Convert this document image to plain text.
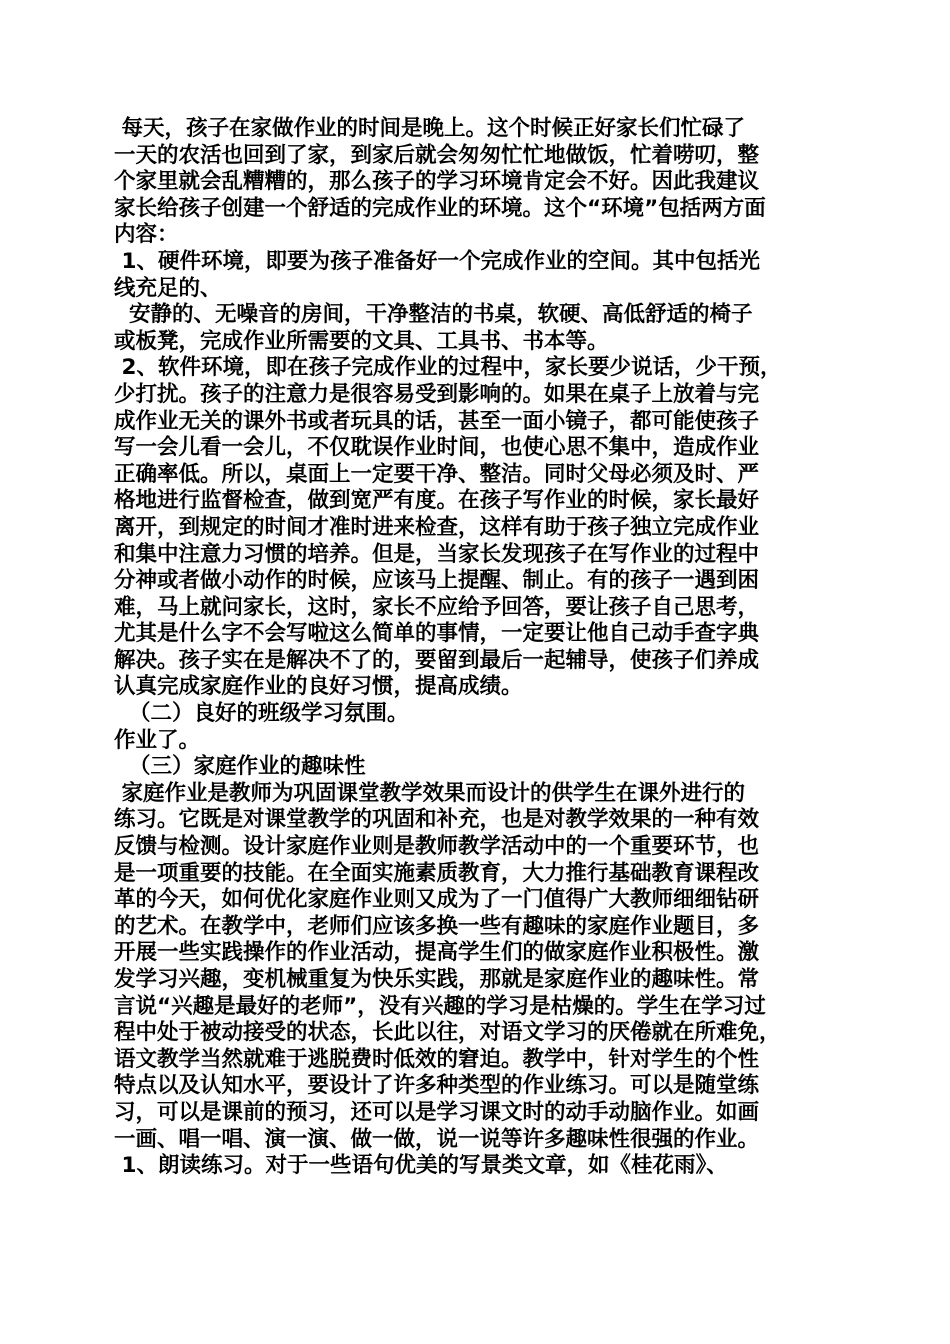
每天，孩子在家做作业的时间是晚上。这个时候正好家长们忙碌了
一天的农活也回到了家，到家后就会匆匆忙忙地做饭，忙着唠叨，整
个家里就会乱糟糟的，那么孩子的学习环境肯定会不好。因此我建议
家长给孩子创建一个舒适的完成作业的环境。这个“环境”包括两方面
内容：
1、硬件环境，即要为孩子准备好一个完成作业的空间。其中包括光
线充足的、
安静的、无噪音的房间，干净整洁的书桌，软硬、高低舒适的椅子
或板凳，完成作业所需要的文具、工具书、书本等。
2、软件环境，即在孩子完成作业的过程中，家长要少说话，少干预，
少打扰。孩子的注意力是很容易受到影响的。如果在桌子上放着与完
成作业无关的课外书或者玩具的话，甚至一面小镜子，都可能使孩子
写一会儿看一会儿，不仅耽误作业时间，也使心思不集中，造成作业
正确率低。所以，桌面上一定要干净、整洁。同时父母必须及时、严
格地进行监督检查，做到宽严有度。在孩子写作业的时候，家长最好
离开，到规定的时间才准时进来检查，这样有助于孩子独立完成作业
和集中注意力习惯的培养。但是，当家长发现孩子在写作业的过程中
分神或者做小动作的时候，应该马上提醒、制止。有的孩子一遇到困
难，马上就问家长，这时，家长不应给予回答，要让孩子自己思考，
尤其是什么字不会写啦这么简单的事情，一定要让他自己动手查字典
解决。孩子实在是解决不了的，要留到最后一起辅导，使孩子们养成
认真完成家庭作业的良好习惯，提高成绩。
（二）良好的班级学习氛围。
作业了。
（三）家庭作业的趣味性
家庭作业是教师为巩固课堂教学效果而设计的供学生在课外进行的
练习。它既是对课堂教学的巩固和补充，也是对教学效果的一种有效
反馈与检测。设计家庭作业则是教师教学活动中的一个重要环节，也
是一项重要的技能。在全面实施素质教育，大力推行基础教育课程改
革的今天，如何优化家庭作业则又成为了一门值得广大教师细细钻研
的艺术。在教学中，老师们应该多换一些有趣味的家庭作业题目，多
开展一些实践操作的作业活动，提高学生们的做家庭作业积极性。激
发学习兴趣，变机械重复为快乐实践，那就是家庭作业的趣味性。常
言说“兴趣是最好的老师”，没有兴趣的学习是枯燥的。学生在学习过
程中处于被动接受的状态，长此以往，对语文学习的厌倦就在所难免，
语文教学当然就难于逃脱费时低效的窘迫。教学中，针对学生的个性
特点以及认知水平，要设计了许多种类型的作业练习。可以是随堂练
习，可以是课前的预习，还可以是学习课文时的动手动脑作业。如画
一画、唱一唱、演一演、做一做，说一说等许多趣味性很强的作业。
1、朗读练习。对于一些语句优美的写景类文章，如《桂花雨》、
